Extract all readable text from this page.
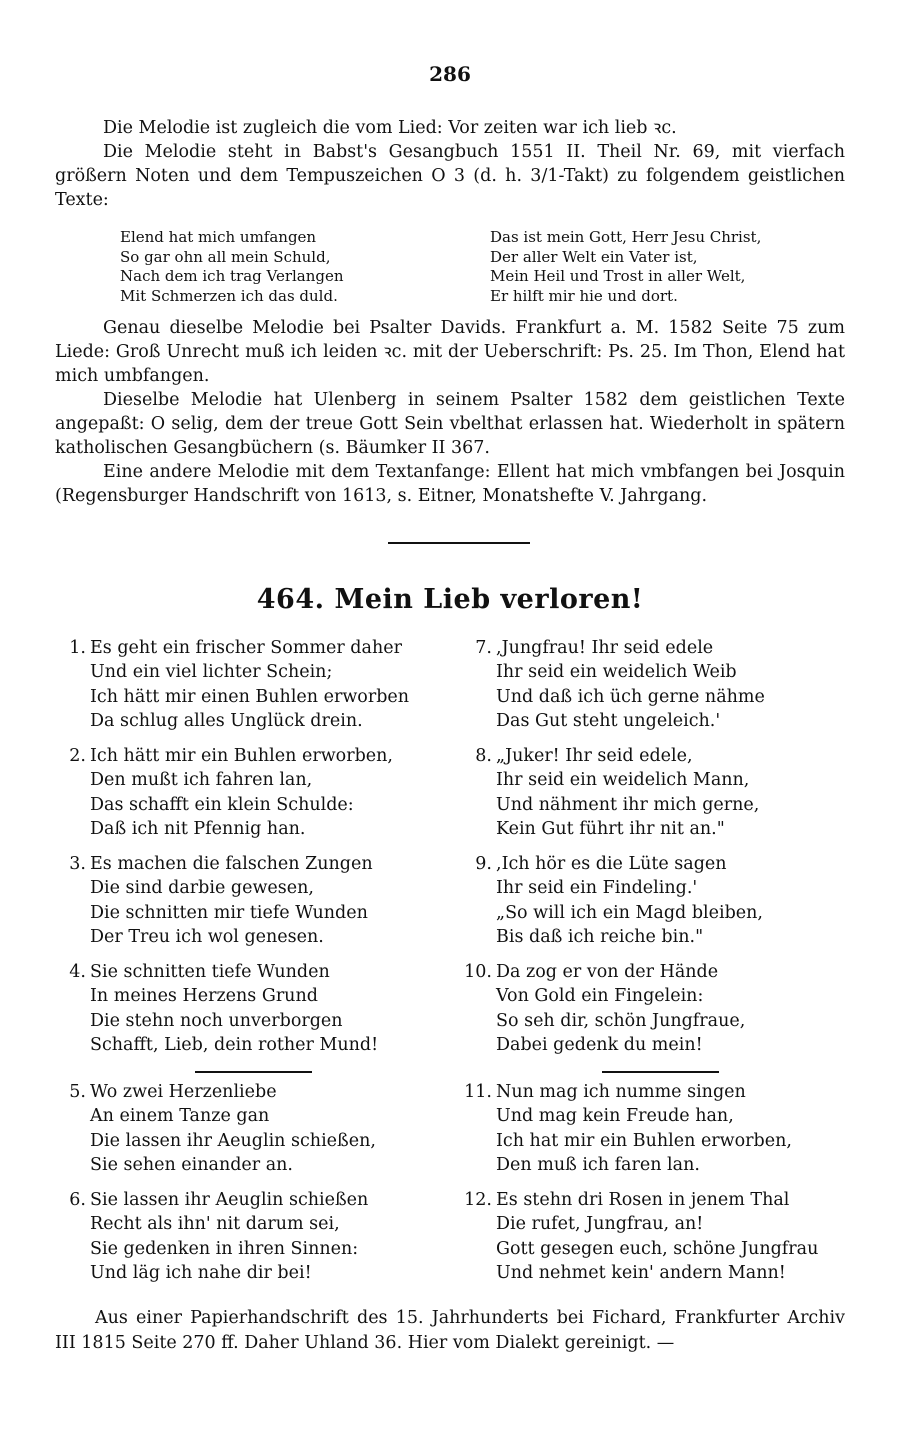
286

Die Melodie ist zugleich die vom Lied: Vor zeiten war ich lieb ꝛc.

Die Melodie steht in Babst's Gesangbuch 1551 II. Theil Nr. 69, mit vierfach größern Noten und dem Tempuszeichen O 3 (d. h. 3/1-Takt) zu folgendem geistlichen Texte:

Elend hat mich umfangen
So gar ohn all mein Schuld,
Nach dem ich trag Verlangen
Mit Schmerzen ich das duld.
Das ist mein Gott, Herr Jesu Christ,
Der aller Welt ein Vater ist,
Mein Heil und Trost in aller Welt,
Er hilft mir hie und dort.

Genau dieselbe Melodie bei Psalter Davids. Frankfurt a. M. 1582 Seite 75 zum Liede: Groß Unrecht muß ich leiden ꝛc. mit der Ueberschrift: Ps. 25. Im Thon, Elend hat mich umbfangen.

Dieselbe Melodie hat Ulenberg in seinem Psalter 1582 dem geistlichen Texte angepaßt: O selig, dem der treue Gott Sein vbelthat erlassen hat. Wiederholt in spätern katholischen Gesangbüchern (s. Bäumker II 367.

Eine andere Melodie mit dem Textanfange: Ellent hat mich vmbfangen bei Josquin (Regensburger Handschrift von 1613, s. Eitner, Monatshefte V. Jahrgang.

464. Mein Lieb verloren!
1. Es geht ein frischer Sommer daher
Und ein viel lichter Schein;
Ich hätt mir einen Buhlen erworben
Da schlug alles Unglück drein.
2. Ich hätt mir ein Buhlen erworben,
Den mußt ich fahren lan,
Das schafft ein klein Schulde:
Daß ich nit Pfennig han.
3. Es machen die falschen Zungen
Die sind darbie gewesen,
Die schnitten mir tiefe Wunden
Der Treu ich wol genesen.
4. Sie schnitten tiefe Wunden
In meines Herzens Grund
Die stehn noch unverborgen
Schafft, Lieb, dein rother Mund!
5. Wo zwei Herzenliebe
An einem Tanze gan
Die lassen ihr Aeuglin schießen,
Sie sehen einander an.
6. Sie lassen ihr Aeuglin schießen
Recht als ihn' nit darum sei,
Sie gedenken in ihren Sinnen:
Und läg ich nahe dir bei!
7. ,Jungfrau! Ihr seid edele
Ihr seid ein weidelich Weib
Und daß ich üch gerne nähme
Das Gut steht ungeleich.'
8. „Juker! Ihr seid edele,
Ihr seid ein weidelich Mann,
Und nähment ihr mich gerne,
Kein Gut führt ihr nit an."
9. ,Ich hör es die Lüte sagen
Ihr seid ein Findeling.'
„So will ich ein Magd bleiben,
Bis daß ich reiche bin."
10. Da zog er von der Hände
Von Gold ein Fingelein:
So seh dir, schön Jungfraue,
Dabei gedenk du mein!
11. Nun mag ich numme singen
Und mag kein Freude han,
Ich hat mir ein Buhlen erworben,
Den muß ich faren lan.
12. Es stehn dri Rosen in jenem Thal
Die rufet, Jungfrau, an!
Gott gesegen euch, schöne Jungfrau
Und nehmet kein' andern Mann!

Aus einer Papierhandschrift des 15. Jahrhunderts bei Fichard, Frankfurter Archiv III 1815 Seite 270 ff. Daher Uhland 36. Hier vom Dialekt gereinigt. —
